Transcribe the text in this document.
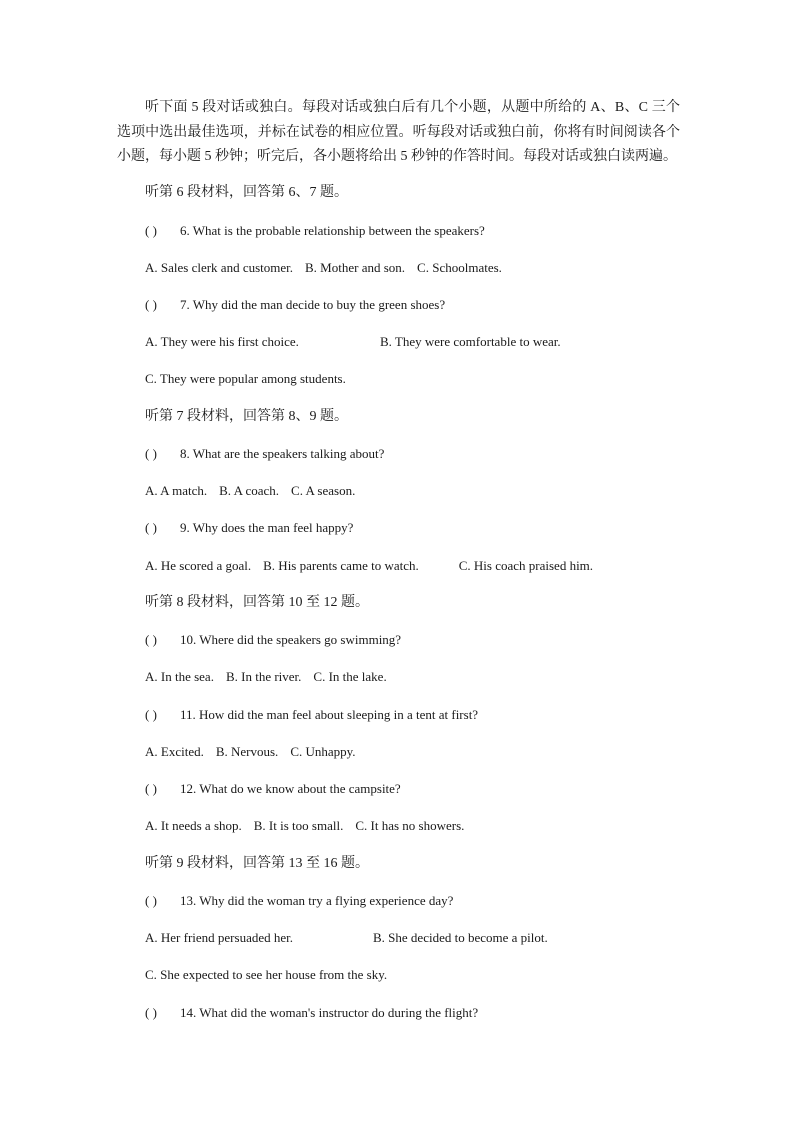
听下面 5 段对话或独白。每段对话或独白后有几个小题，从题中所给的 A、B、C 三个选项中选出最佳选项，并标在试卷的相应位置。听每段对话或独白前，你将有时间阅读各个小题，每小题 5 秒钟；听完后，各小题将给出 5 秒钟的作答时间。每段对话或独白读两遍。

听第 6 段材料，回答第 6、7 题。

( ) 6. What is the probable relationship between the speakers?

A. Sales clerk and customer. B. Mother and son. C. Schoolmates.

( ) 7. Why did the man decide to buy the green shoes?

A. They were his first choice.	B. They were comfortable to wear.

C. They were popular among students.

听第 7 段材料，回答第 8、9 题。

( ) 8. What are the speakers talking about?

A. A match. B. A coach. C. A season.

( ) 9. Why does the man feel happy?

A. He scored a goal. B. His parents came to watch.	C. His coach praised him.

听第 8 段材料，回答第 10 至 12 题。

( ) 10. Where did the speakers go swimming?

A. In the sea. B. In the river. C. In the lake.

( ) 11. How did the man feel about sleeping in a tent at first?

A. Excited. B. Nervous. C. Unhappy.

( ) 12. What do we know about the campsite?

A. It needs a shop. B. It is too small. C. It has no showers.

听第 9 段材料，回答第 13 至 16 题。

( ) 13. Why did the woman try a flying experience day?

A. Her friend persuaded her.	B. She decided to become a pilot.

C. She expected to see her house from the sky.

( ) 14. What did the woman's instructor do during the flight?
